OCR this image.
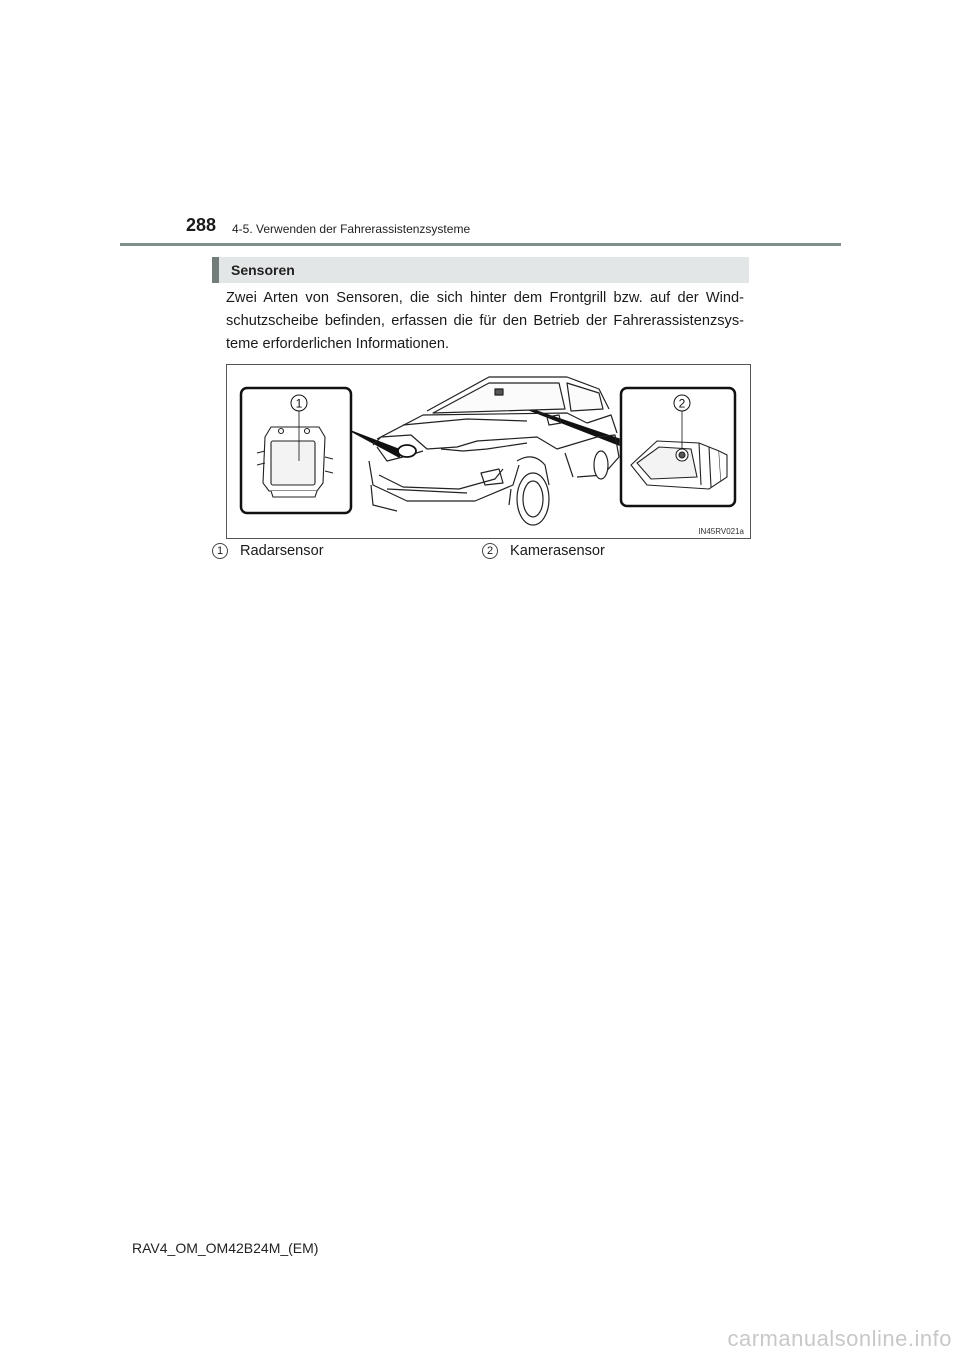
288 4-5. Verwenden der Fahrerassistenzsysteme
Sensoren
Zwei Arten von Sensoren, die sich hinter dem Frontgrill bzw. auf der Wind-schutzscheibe befinden, erfassen die für den Betrieb der Fahrerassistenzsys-teme erforderlichen Informationen.
1	2
IN45RV021a
1 Radarsensor	2 Kamerasensor
RAV4_OM_OM42B24M_(EM)
carmanualsonline.info
